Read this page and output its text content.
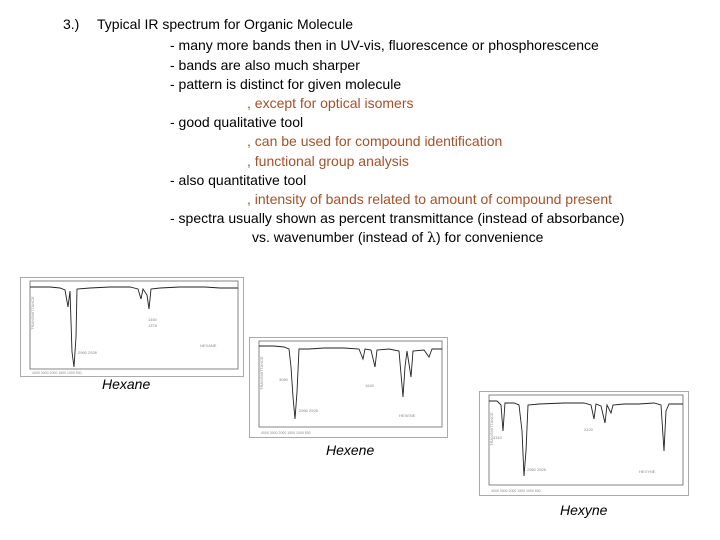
3.) Typical IR spectrum for Organic Molecule
- many more bands then in UV-vis, fluorescence or phosphorescence
- bands are also much sharper
- pattern is distinct for given molecule
, except for optical isomers
- good qualitative tool
, can be used for compound identification
, functional group analysis
- also quantitative tool
, intensity of bands related to amount of compound present
- spectra usually shown as percent transmittance (instead of absorbance)
vs. wavenumber (instead of λ) for convenience
TRANSMITTANCE	1460
1378
2960 2926
HEXANE
4000 3000 2000 1500 1000 500
Hexane	TRANSMITTANCE	3080
2960 2926
1640
HEXENE
4000 3000 2000 1500 1000 500
Hexene
TRANSMITTANCE 3310
2960 2926
2120
HEXYNE
4000 3000 2000 1500 1000 500
Hexyne
